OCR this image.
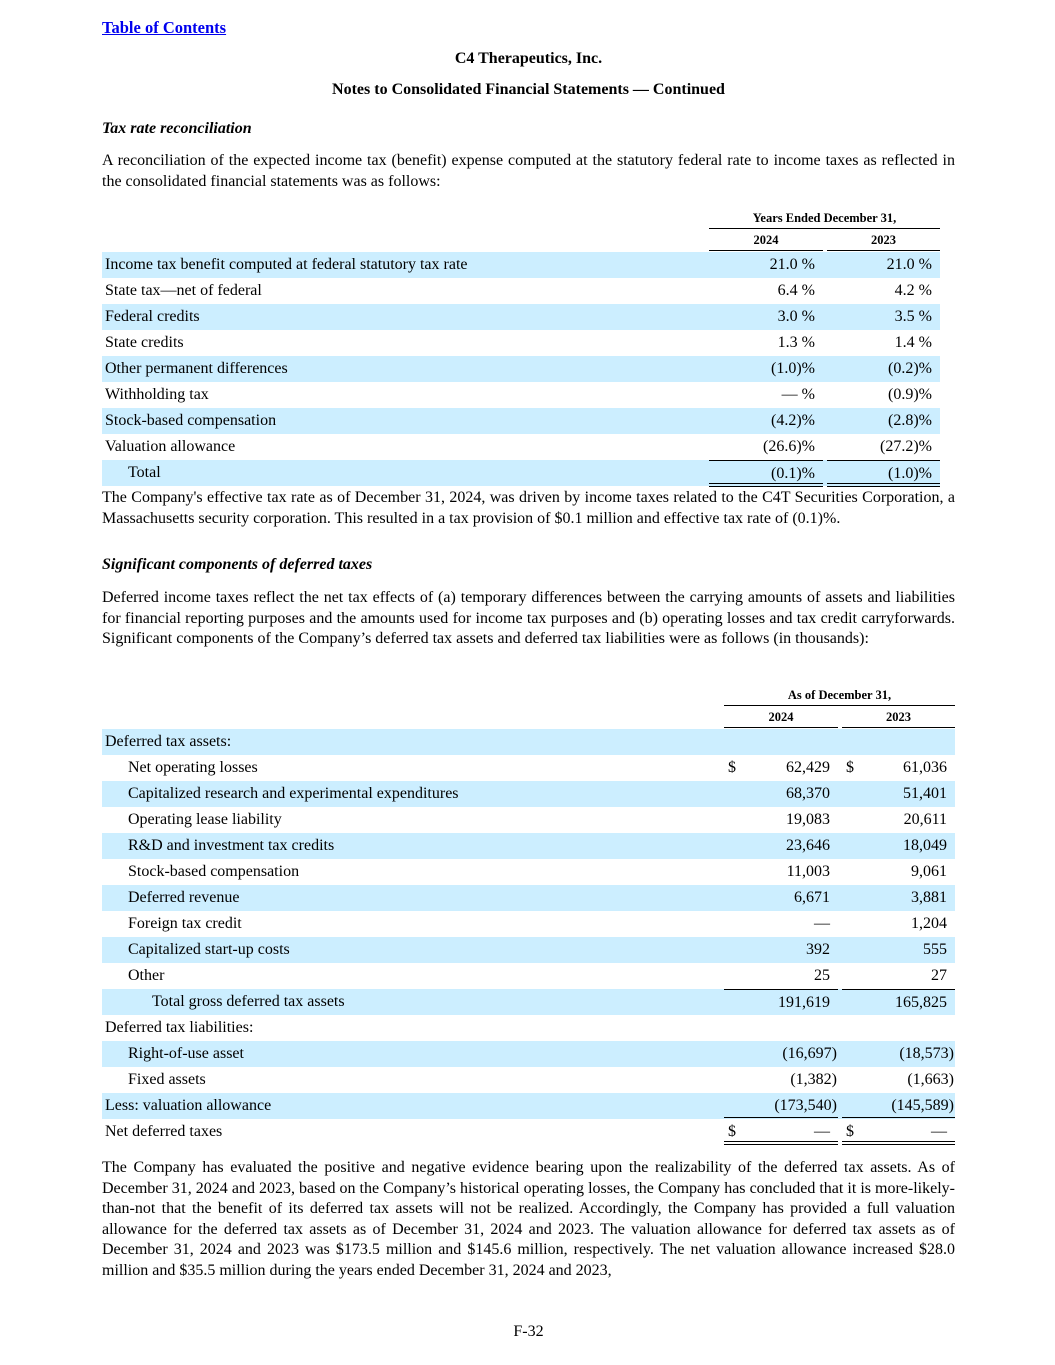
Table of Contents
C4 Therapeutics, Inc.
Notes to Consolidated Financial Statements — Continued
Tax rate reconciliation
A reconciliation of the expected income tax (benefit) expense computed at the statutory federal rate to income taxes as reflected in the consolidated financial statements was as follows:
Years Ended December 31,
2024	2023
Income tax benefit computed at federal statutory tax rate	21.0 %	21.0 %
State tax—net of federal	6.4 %	4.2 %
Federal credits	3.0 %	3.5 %
State credits	1.3 %	1.4 %
Other permanent differences	(1.0)%	(0.2)%
Withholding tax	— %	(0.9)%
Stock-based compensation	(4.2)%	(2.8)%
Valuation allowance	(26.6)%	(27.2)%
Total	(0.1)%	(1.0)%
The Company's effective tax rate as of December 31, 2024, was driven by income taxes related to the C4T Securities Corporation, a Massachusetts security corporation. This resulted in a tax provision of $0.1 million and effective tax rate of (0.1)%.
Significant components of deferred taxes
Deferred income taxes reflect the net tax effects of (a) temporary differences between the carrying amounts of assets and liabilities for financial reporting purposes and the amounts used for income tax purposes and (b) operating losses and tax credit carryforwards. Significant components of the Company’s deferred tax assets and deferred tax liabilities were as follows (in thousands):
As of December 31,
2024	2023
Deferred tax assets:
Net operating losses	$	62,429 $	61,036
Capitalized research and experimental expenditures	68,370	51,401
Operating lease liability	19,083	20,611
R&D and investment tax credits	23,646	18,049
Stock-based compensation	11,003	9,061
Deferred revenue	6,671	3,881
Foreign tax credit	—	1,204
Capitalized start-up costs	392	555
Other	25	27
Total gross deferred tax assets	191,619	165,825
Deferred tax liabilities:
Right-of-use asset	(16,697)	(18,573)
Fixed assets	(1,382)	(1,663)
Less: valuation allowance	(173,540)	(145,589)
Net deferred taxes	$	— $	—
The Company has evaluated the positive and negative evidence bearing upon the realizability of the deferred tax assets. As of December 31, 2024 and 2023, based on the Company’s historical operating losses, the Company has concluded that it is more-likely-than-not that the benefit of its deferred tax assets will not be realized. Accordingly, the Company has provided a full valuation allowance for the deferred tax assets as of December 31, 2024 and 2023. The valuation allowance for deferred tax assets as of December 31, 2024 and 2023 was $173.5 million and $145.6 million, respectively. The net valuation allowance increased $28.0 million and $35.5 million during the years ended December 31, 2024 and 2023,
F-32
